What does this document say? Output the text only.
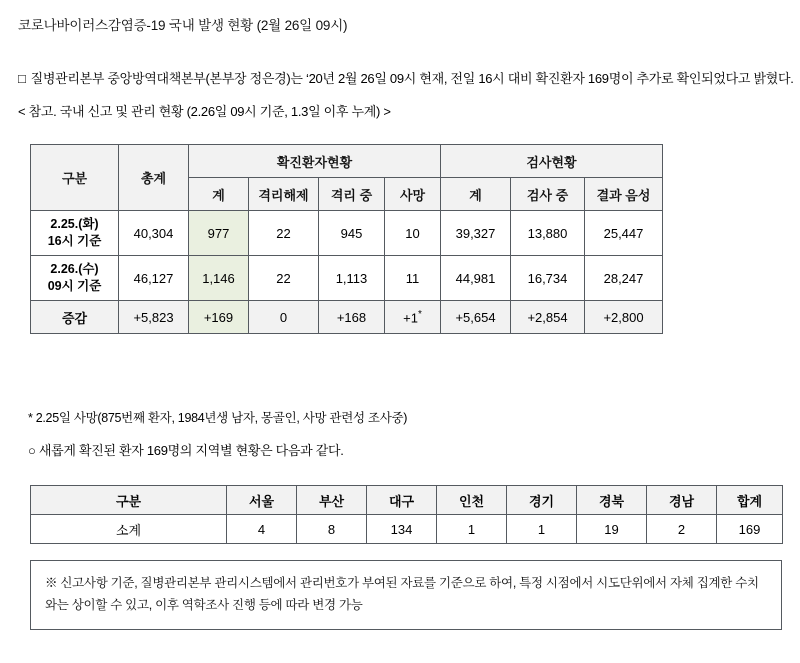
코로나바이러스감염증-19 국내 발생 현황 (2월 26일 09시)
□ 질병관리본부 중앙방역대책본부(본부장 정은경)는 ‘20년 2월 26일 09시 현재, 전일 16시 대비 확진환자 169명이 추가로 확인되었다고 밝혔다.
< 참고. 국내 신고 및 관리 현황 (2.26일 09시 기준, 1.3일 이후 누계) >
구분	총계	확진환자현황				검사현황		
		계	격리해제	격리 중	사망	계	검사 중	결과 음성

2.25.(화)
16시 기준	40,304	977	22	945	10	39,327	13,880	25,447

2.26.(수)
09시 기준	46,127	1,146	22	1,113	11	44,981	16,734	28,247
증감	+5,823	+169	0	+168	+1*	+5,654	+2,854	+2,800
* 2.25일 사망(875번째 환자, 1984년생 남자, 몽골인, 사망 관련성 조사중)
○ 새롭게 확진된 환자 169명의 지역별 현황은 다음과 같다.
구분	서울	부산	대구	인천	경기	경북	경남	합계
소계	4	8	134	1	1	19	2	169
※ 신고사항 기준, 질병관리본부 관리시스템에서 관리번호가 부여된 자료를 기준으로 하여, 특정 시점에서 시도단위에서 자체 집계한 수치와는 상이할 수 있고, 이후 역학조사 진행 등에 따라 변경 가능
